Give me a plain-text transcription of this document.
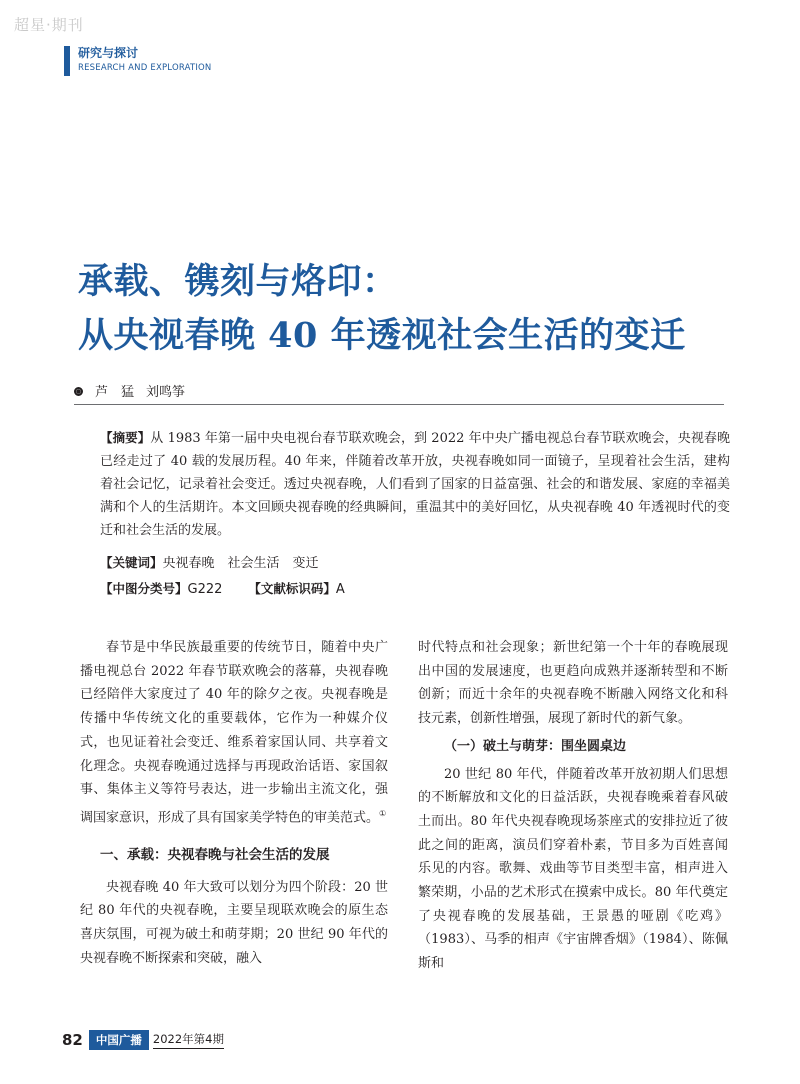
超星·期刊
研究与探讨
RESEARCH AND EXPLORATION
承载、镌刻与烙印：
从央视春晚 40 年透视社会生活的变迁
芦　猛 刘鸣筝
【摘要】从 1983 年第一届中央电视台春节联欢晚会，到 2022 年中央广播电视总台春节联欢晚会，央视春晚已经走过了 40 载的发展历程。40 年来，伴随着改革开放，央视春晚如同一面镜子，呈现着社会生活，建构着社会记忆，记录着社会变迁。透过央视春晚，人们看到了国家的日益富强、社会的和谐发展、家庭的幸福美满和个人的生活期许。本文回顾央视春晚的经典瞬间，重温其中的美好回忆，从央视春晚 40 年透视时代的变迁和社会生活的发展。
【关键词】央视春晚　社会生活　变迁
【中图分类号】G222 【文献标识码】A

春节是中华民族最重要的传统节日，随着中央广播电视总台 2022 年春节联欢晚会的落幕，央视春晚已经陪伴大家度过了 40 年的除夕之夜。央视春晚是传播中华传统文化的重要载体，它作为一种媒介仪式，也见证着社会变迁、维系着家国认同、共享着文化理念。央视春晚通过选择与再现政治话语、家国叙事、集体主义等符号表达，进一步输出主流文化，强调国家意识，形成了具有国家美学特色的审美范式。①

一、承载：央视春晚与社会生活的发展

央视春晚 40 年大致可以划分为四个阶段：20 世纪 80 年代的央视春晚，主要呈现联欢晚会的原生态喜庆氛围，可视为破土和萌芽期；20 世纪 90 年代的央视春晚不断探索和突破，融入

时代特点和社会现象；新世纪第一个十年的春晚展现出中国的发展速度，也更趋向成熟并逐渐转型和不断创新；而近十余年的央视春晚不断融入网络文化和科技元素，创新性增强，展现了新时代的新气象。

（一）破土与萌芽：围坐圆桌边

20 世纪 80 年代，伴随着改革开放初期人们思想的不断解放和文化的日益活跃，央视春晚乘着春风破土而出。80 年代央视春晚现场茶座式的安排拉近了彼此之间的距离，演员们穿着朴素，节目多为百姓喜闻乐见的内容。歌舞、戏曲等节目类型丰富，相声进入繁荣期，小品的艺术形式在摸索中成长。80 年代奠定了央视春晚的发展基础，王景愚的哑剧《吃鸡》（1983）、马季的相声《宇宙牌香烟》（1984）、陈佩斯和

82	中国广播 2022年第4期
